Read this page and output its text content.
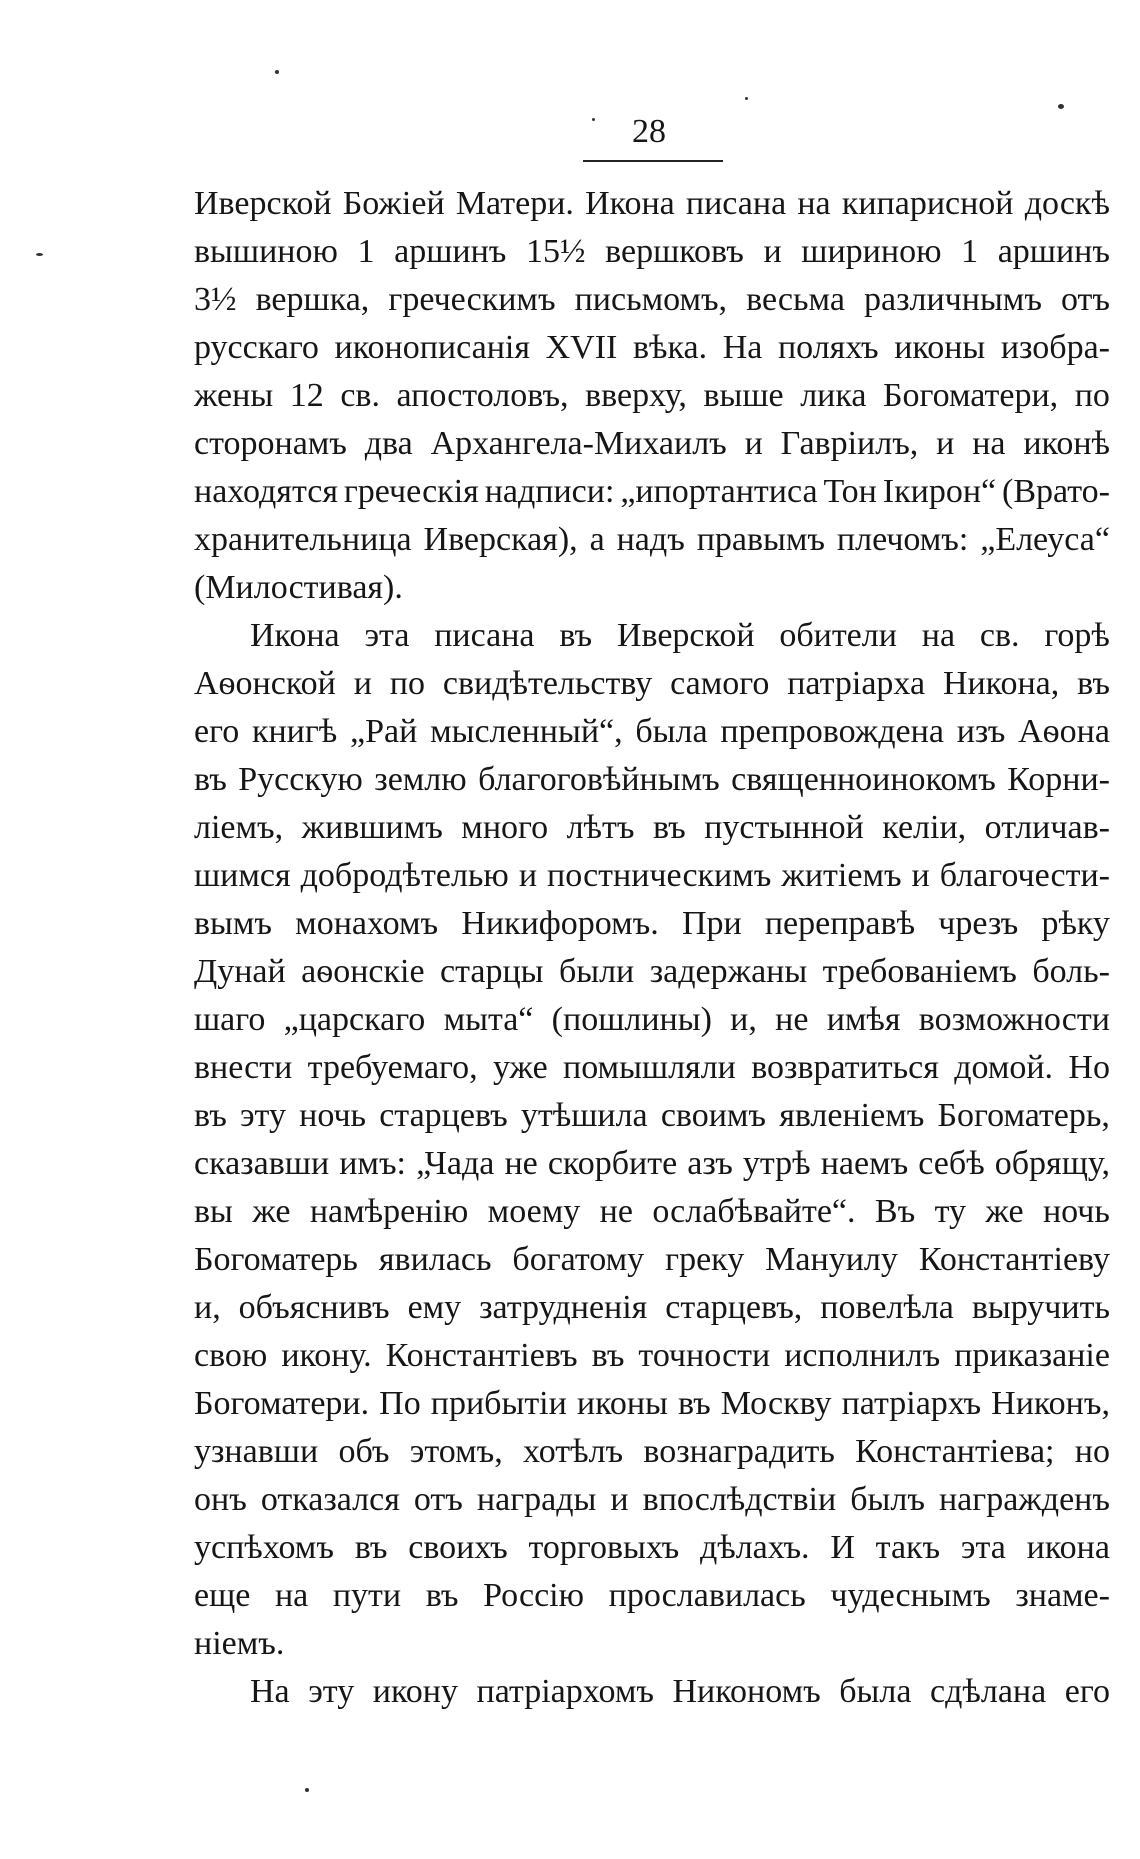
28
Иверской Божіей Матери. Икона писана на кипарисной доскѣ
вышиною 1 аршинъ 15½ вершковъ и шириною 1 аршинъ
3½ вершка, греческимъ письмомъ, весьма различнымъ отъ
русскаго иконописанія XVII вѣка. На поляхъ иконы изобра-
жены 12 св. апостоловъ, вверху, выше лика Богоматери, по
сторонамъ два Архангела-Михаилъ и Гавріилъ, и на иконѣ
находятся греческія надписи: „ипортантиса Тон Ікирон“ (Врато-
хранительница Иверская), а надъ правымъ плечомъ: „Елеуса“
(Милостивая).
Икона эта писана въ Иверской обители на св. горѣ
Аѳонской и по свидѣтельству самого патріарха Никона, въ
его книгѣ „Рай мысленный“, была препровождена изъ Аѳона
въ Русскую землю благоговѣйнымъ священноинокомъ Корни-
ліемъ, жившимъ много лѣтъ въ пустынной келіи, отличав-
шимся добродѣтелью и постническимъ житіемъ и благочести-
вымъ монахомъ Никифоромъ. При переправѣ чрезъ рѣку
Дунай аѳонскіе старцы были задержаны требованіемъ боль-
шаго „царскаго мыта“ (пошлины) и, не имѣя возможности
внести требуемаго, уже помышляли возвратиться домой. Но
въ эту ночь старцевъ утѣшила своимъ явленіемъ Богоматерь,
сказавши имъ: „Чада не скорбите азъ утрѣ наемъ себѣ обрящу,
вы же намѣренію моему не ослабѣвайте“. Въ ту же ночь
Богоматерь явилась богатому греку Мануилу Константіеву
и, объяснивъ ему затрудненія старцевъ, повелѣла выручить
свою икону. Константіевъ въ точности исполнилъ приказаніе
Богоматери. По прибытіи иконы въ Москву патріархъ Никонъ,
узнавши объ этомъ, хотѣлъ вознаградить Константіева; но
онъ отказался отъ награды и впослѣдствіи былъ награжденъ
успѣхомъ въ своихъ торговыхъ дѣлахъ. И такъ эта икона
еще на пути въ Россію прославилась чудеснымъ знаме-
ніемъ.
На эту икону патріархомъ Никономъ была сдѣлана его
